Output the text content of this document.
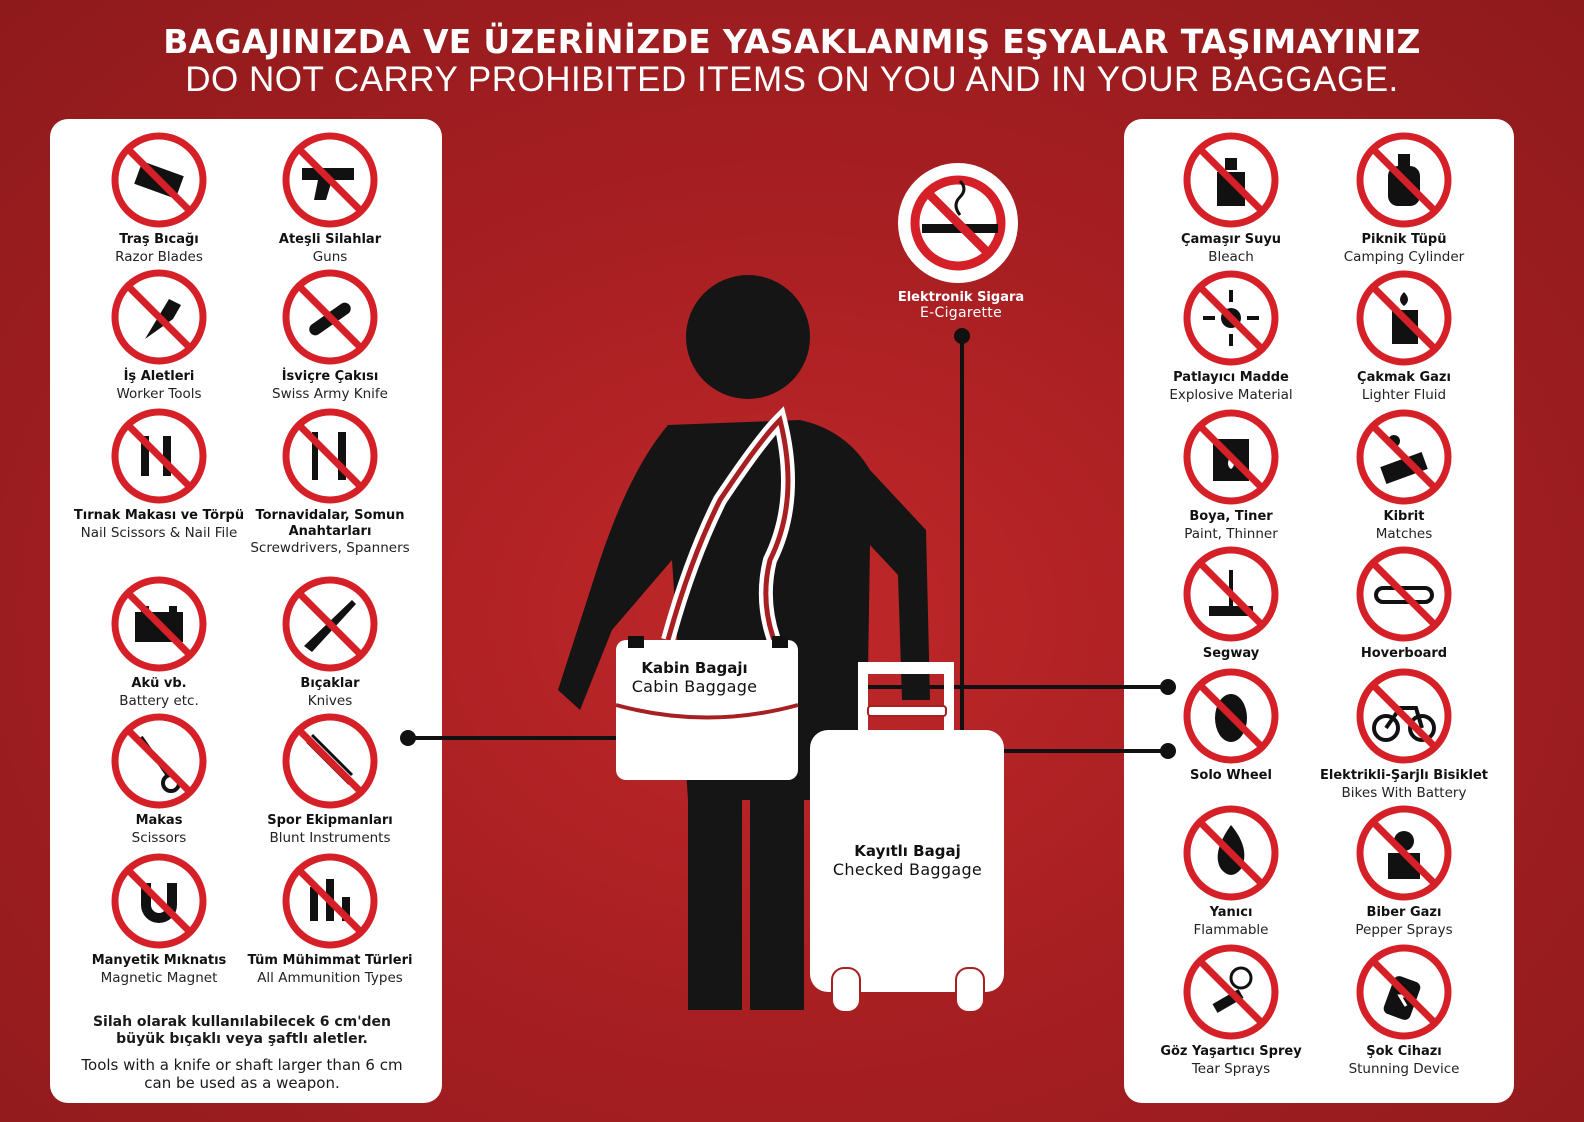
BAGAJINIZDA VE ÜZERİNİZDE YASAKLANMIŞ EŞYALAR TAŞIMAYINIZ
DO NOT CARRY PROHIBITED ITEMS ON YOU AND IN YOUR BAGGAGE.
Elektronik Sigara
E-Cigarette
Kabin Bagajı
Cabin Baggage
Kayıtlı Bagaj
Checked Baggage
Traş Bıcağı
Razor Blades
Ateşli Silahlar
Guns
İş Aletleri
Worker Tools
İsviçre Çakısı
Swiss Army Knife
Tırnak Makası ve Törpü
Nail Scissors & Nail File
Tornavidalar, Somun Anahtarları
Screwdrivers, Spanners
Akü vb.
Battery etc.
Bıçaklar
Knives
Makas
Scissors
Spor Ekipmanları
Blunt Instruments
Manyetik Mıknatıs
Magnetic Magnet
Tüm Mühimmat Türleri
All Ammunition Types
Çamaşır Suyu
Bleach
Piknik Tüpü
Camping Cylinder
Patlayıcı Madde
Explosive Material
Çakmak Gazı
Lighter Fluid
Boya, Tiner
Paint, Thinner
Kibrit
Matches
Segway	Hoverboard
Solo Wheel	Elektrikli-Şarjlı Bisiklet
Bikes With Battery
Yanıcı
Flammable
Biber Gazı
Pepper Sprays
Göz Yaşartıcı Sprey
Tear Sprays
Şok Cihazı
Stunning Device
Silah olarak kullanılabilecek 6 cm'den büyük bıçaklı veya şaftlı aletler.
Tools with a knife or shaft larger than 6 cm can be used as a weapon.
